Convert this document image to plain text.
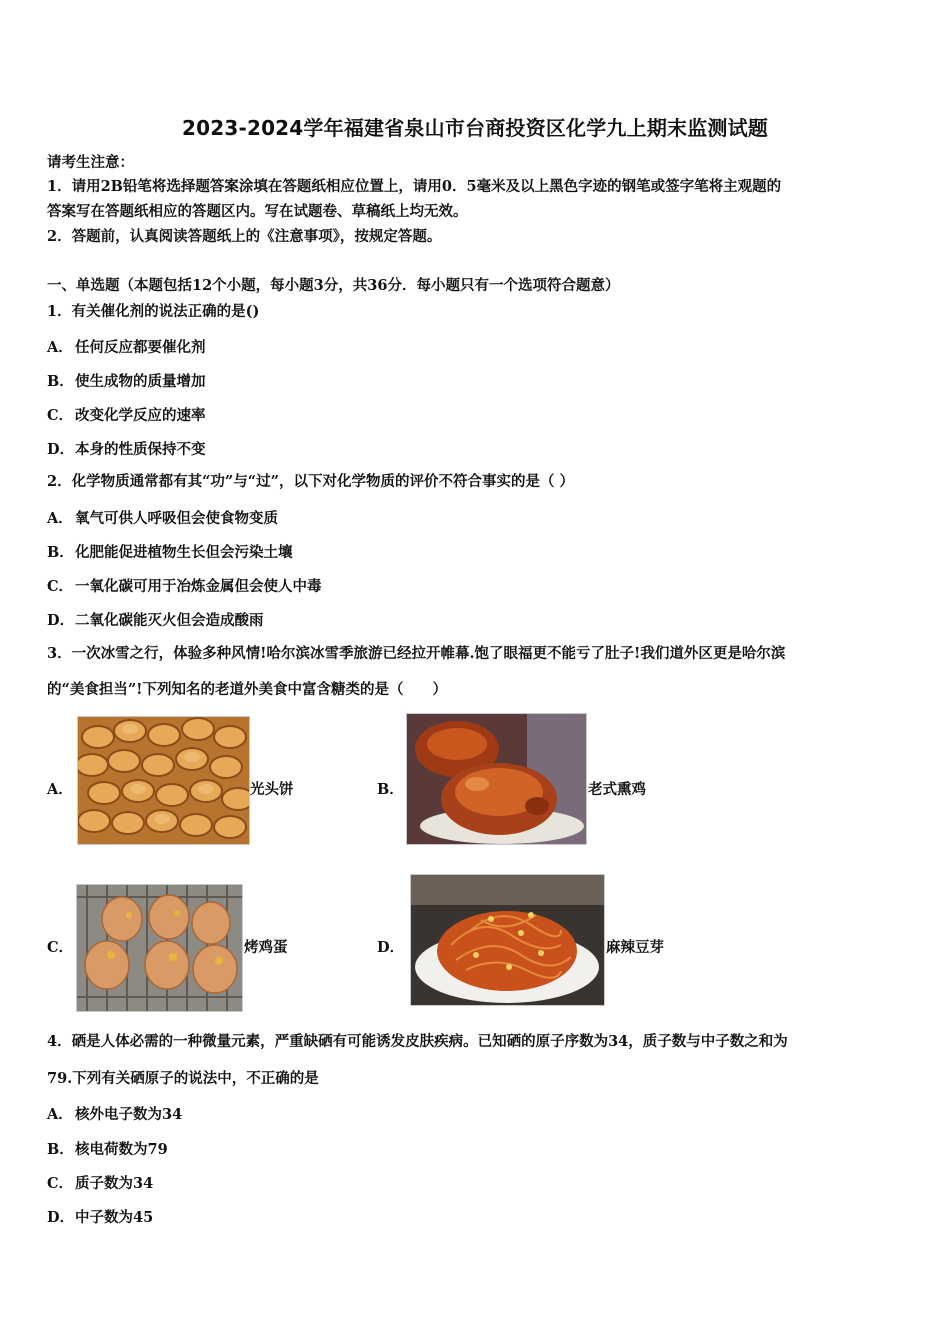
2023-2024学年福建省泉山市台商投资区化学九上期末监测试题
请考生注意：
1．请用2B铅笔将选择题答案涂填在答题纸相应位置上，请用0．5毫米及以上黑色字迹的钢笔或签字笔将主观题的
答案写在答题纸相应的答题区内。写在试题卷、草稿纸上均无效。
2．答题前，认真阅读答题纸上的《注意事项》，按规定答题。
一、单选题（本题包括12个小题，每小题3分，共36分．每小题只有一个选项符合题意）
1．有关催化剂的说法正确的是()
A． 任何反应都要催化剂
B．使生成物的质量增加
C． 改变化学反应的速率
D．本身的性质保持不变
2．化学物质通常都有其“功”与“过”，以下对化学物质的评价不符合事实的是（ ）
A． 氧气可供人呼吸但会使食物变质
B．化肥能促进植物生长但会污染土壤
C． 一氧化碳可用于冶炼金属但会使人中毒
D．二氧化碳能灭火但会造成酸雨
3．一次冰雪之行，体验多种风情!哈尔滨冰雪季旅游已经拉开帷幕.饱了眼福更不能亏了肚子!我们道外区更是哈尔滨
的“美食担当”!下列知名的老道外美食中富含糖类的是（　　）
A．	光头饼	B．	老式熏鸡
C．	烤鸡蛋	D．	麻辣豆芽
4．硒是人体必需的一种微量元素，严重缺硒有可能诱发皮肤疾病。已知硒的原子序数为34，质子数与中子数之和为
79.下列有关硒原子的说法中，不正确的是
A． 核外电子数为34
B．核电荷数为79
C． 质子数为34
D．中子数为45
